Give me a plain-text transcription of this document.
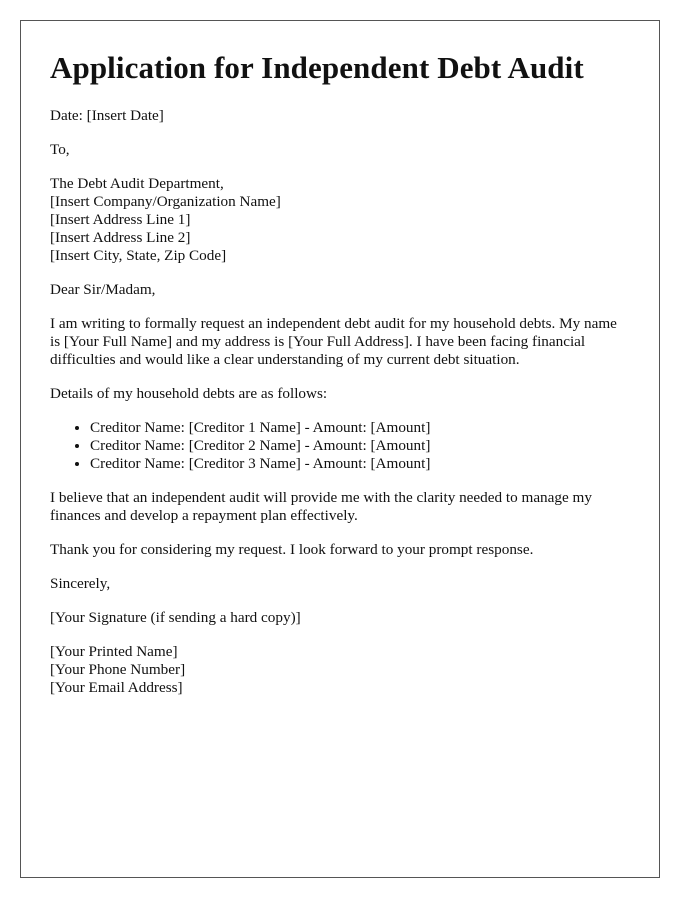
Application for Independent Debt Audit

Date: [Insert Date]

To,

The Debt Audit Department,
[Insert Company/Organization Name]
[Insert Address Line 1]
[Insert Address Line 2]
[Insert City, State, Zip Code]

Dear Sir/Madam,

I am writing to formally request an independent debt audit for my household debts. My name is [Your Full Name] and my address is [Your Full Address]. I have been facing financial difficulties and would like a clear understanding of my current debt situation.

Details of my household debts are as follows:

• Creditor Name: [Creditor 1 Name] - Amount: [Amount]
• Creditor Name: [Creditor 2 Name] - Amount: [Amount]
• Creditor Name: [Creditor 3 Name] - Amount: [Amount]

I believe that an independent audit will provide me with the clarity needed to manage my finances and develop a repayment plan effectively.

Thank you for considering my request. I look forward to your prompt response.

Sincerely,

[Your Signature (if sending a hard copy)]

[Your Printed Name]
[Your Phone Number]
[Your Email Address]
